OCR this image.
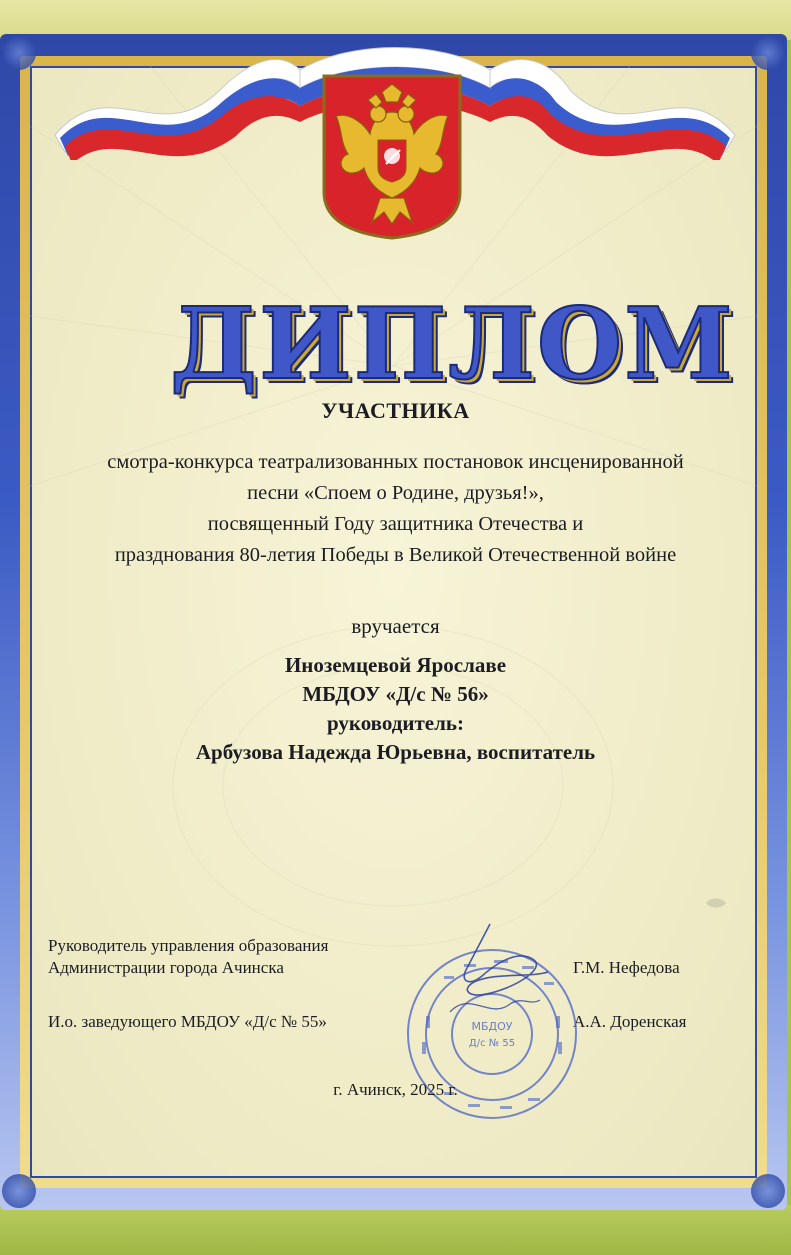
ДИПЛОМ
УЧАСТНИКА
смотра-конкурса театрализованных постановок инсценированной
песни «Споем о Родине, друзья!»,
посвященный Году защитника Отечества и
празднования 80-летия Победы в Великой Отечественной войне
вручается
Иноземцевой Ярославе
МБДОУ «Д/с № 56»
руководитель:
Арбузова Надежда Юрьевна, воспитатель
Руководитель управления образования
Администрации города Ачинска	Г.М. Нефедова
И.о. заведующего МБДОУ «Д/с № 55»	А.А. Доренская
МБДОУ
Д/с № 55
г. Ачинск, 2025 г.
